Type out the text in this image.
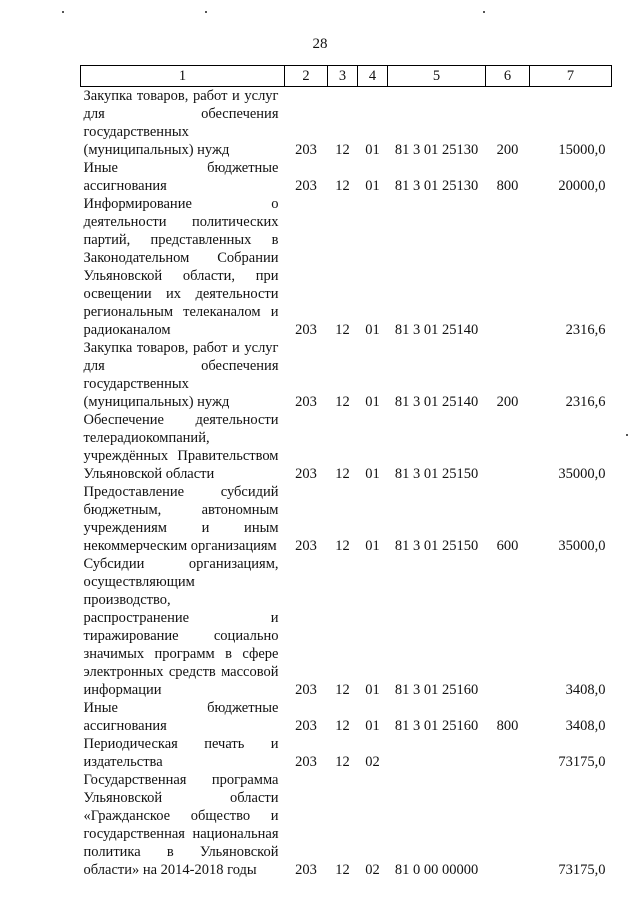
28
1	2	3	4	5	6	7
Закупка товаров, работ и услуг для обеспечения государственных (муниципальных) нужд	203	12	01	81 3 01 25130	200	15000,0
Иные бюджетные ассигнования	203	12	01	81 3 01 25130	800	20000,0
Информирование о деятельности политических партий, представленных в Законодательном Собрании Ульяновской области, при освещении их деятельности региональным телеканалом и радиоканалом	203	12	01	81 3 01 25140		2316,6
Закупка товаров, работ и услуг для обеспечения государственных (муниципальных) нужд	203	12	01	81 3 01 25140	200	2316,6
Обеспечение деятельности телерадиокомпаний, учреждённых Правительством Ульяновской области	203	12	01	81 3 01 25150		35000,0
Предоставление субсидий бюджетным, автономным учреждениям и иным некоммерческим организациям	203	12	01	81 3 01 25150	600	35000,0
Субсидии организациям, осуществляющим производство, распространение и тиражирование социально значимых программ в сфере электронных средств массовой информации	203	12	01	81 3 01 25160		3408,0
Иные бюджетные ассигнования	203	12	01	81 3 01 25160	800	3408,0
Периодическая печать и издательства	203	12	02			73175,0
Государственная программа Ульяновской области «Гражданское общество и государственная национальная политика в Ульяновской области» на 2014-2018 годы	203	12	02	81 0 00 00000		73175,0
